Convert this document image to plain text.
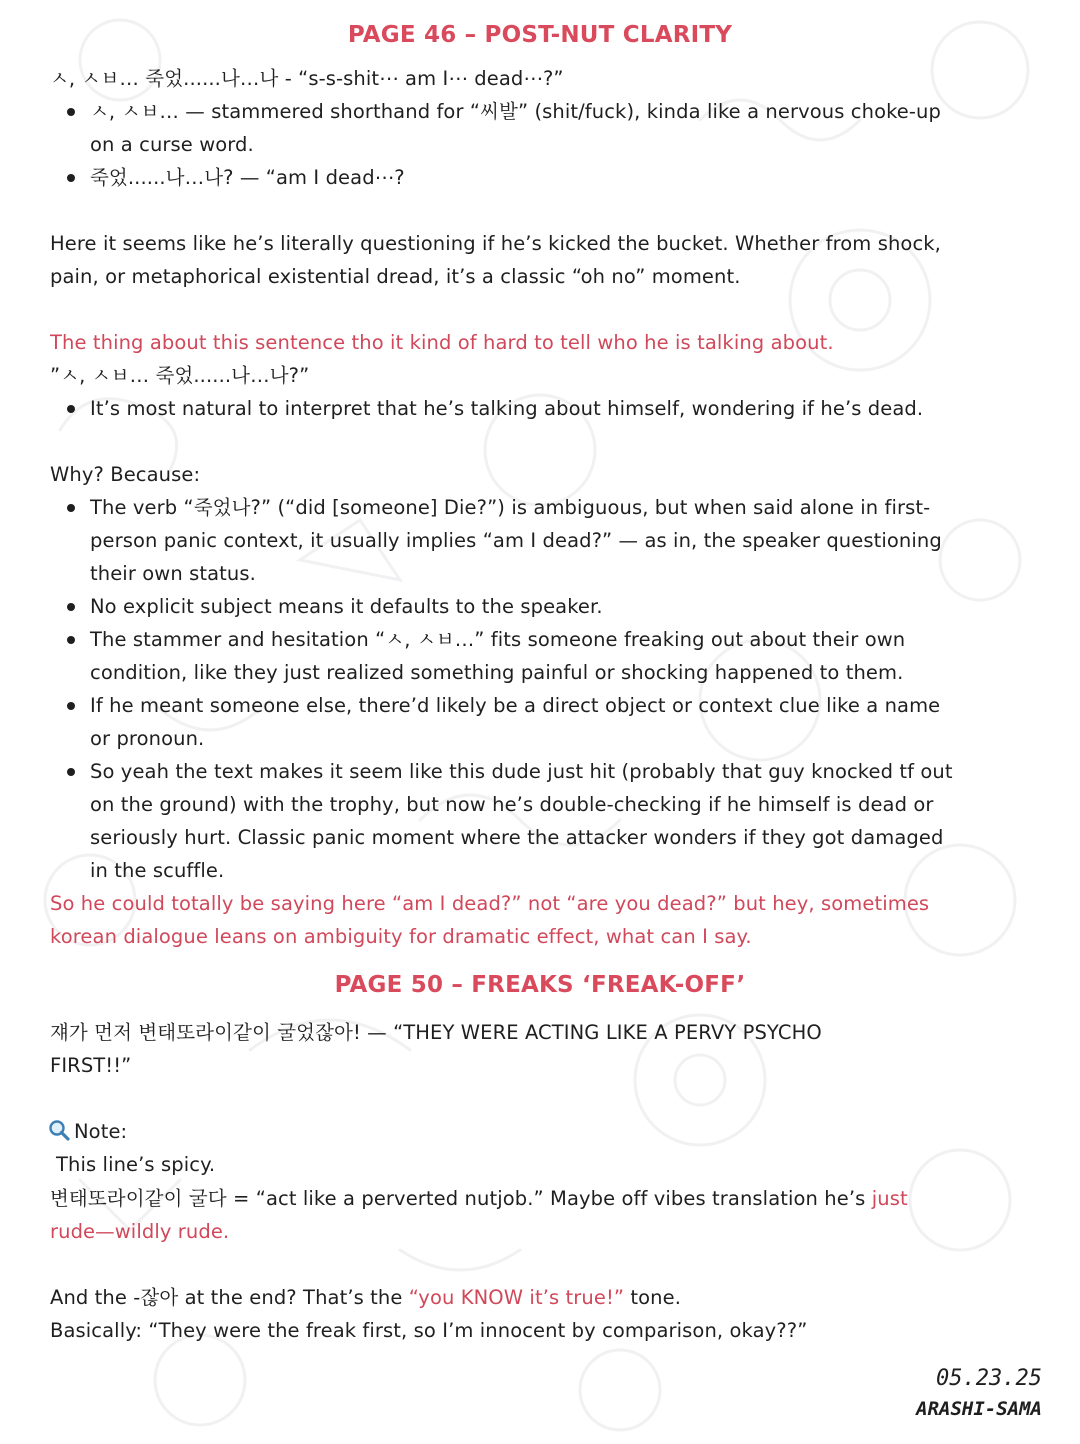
PAGE 46 – POST-NUT CLARITY
ㅅ, ㅅㅂ… 죽었......나…나 - “s-s-shit⋯ am I⋯ dead⋯?”
ㅅ, ㅅㅂ… — stammered shorthand for “씨발” (shit/fuck), kinda like a nervous choke-up
on a curse word.
죽었......나…나? — “am I dead⋯?
Here it seems like he’s literally questioning if he’s kicked the bucket. Whether from shock,
pain, or metaphorical existential dread, it’s a classic “oh no” moment.
The thing about this sentence tho it kind of hard to tell who he is talking about.
”ㅅ, ㅅㅂ… 죽었......나…나?”
It’s most natural to interpret that he’s talking about himself, wondering if he’s dead.
Why? Because:
The verb “죽었나?” (“did [someone] Die?”) is ambiguous, but when said alone in first-
person panic context, it usually implies “am I dead?” — as in, the speaker questioning
their own status.
No explicit subject means it defaults to the speaker.
The stammer and hesitation “ㅅ, ㅅㅂ…” fits someone freaking out about their own
condition, like they just realized something painful or shocking happened to them.
If he meant someone else, there’d likely be a direct object or context clue like a name
or pronoun.
So yeah the text makes it seem like this dude just hit (probably that guy knocked tf out
on the ground) with the trophy, but now he’s double-checking if he himself is dead or
seriously hurt. Classic panic moment where the attacker wonders if they got damaged
in the scuffle.
So he could totally be saying here “am I dead?” not “are you dead?” but hey, sometimes
korean dialogue leans on ambiguity for dramatic effect, what can I say.
PAGE 50 – FREAKS ‘FREAK-OFF’
쟤가 먼저 변태또라이같이 굴었잖아! — “THEY WERE ACTING LIKE A PERVY PSYCHO
FIRST!!”
Note:
This line’s spicy.
변태또라이같이 굴다 = “act like a perverted nutjob.” Maybe off vibes translation he’s just
rude—wildly rude.
And the -잖아 at the end? That’s the “you KNOW it’s true!” tone.
Basically: “They were the freak first, so I’m innocent by comparison, okay??”
05.23.25
ARASHI-SAMA
